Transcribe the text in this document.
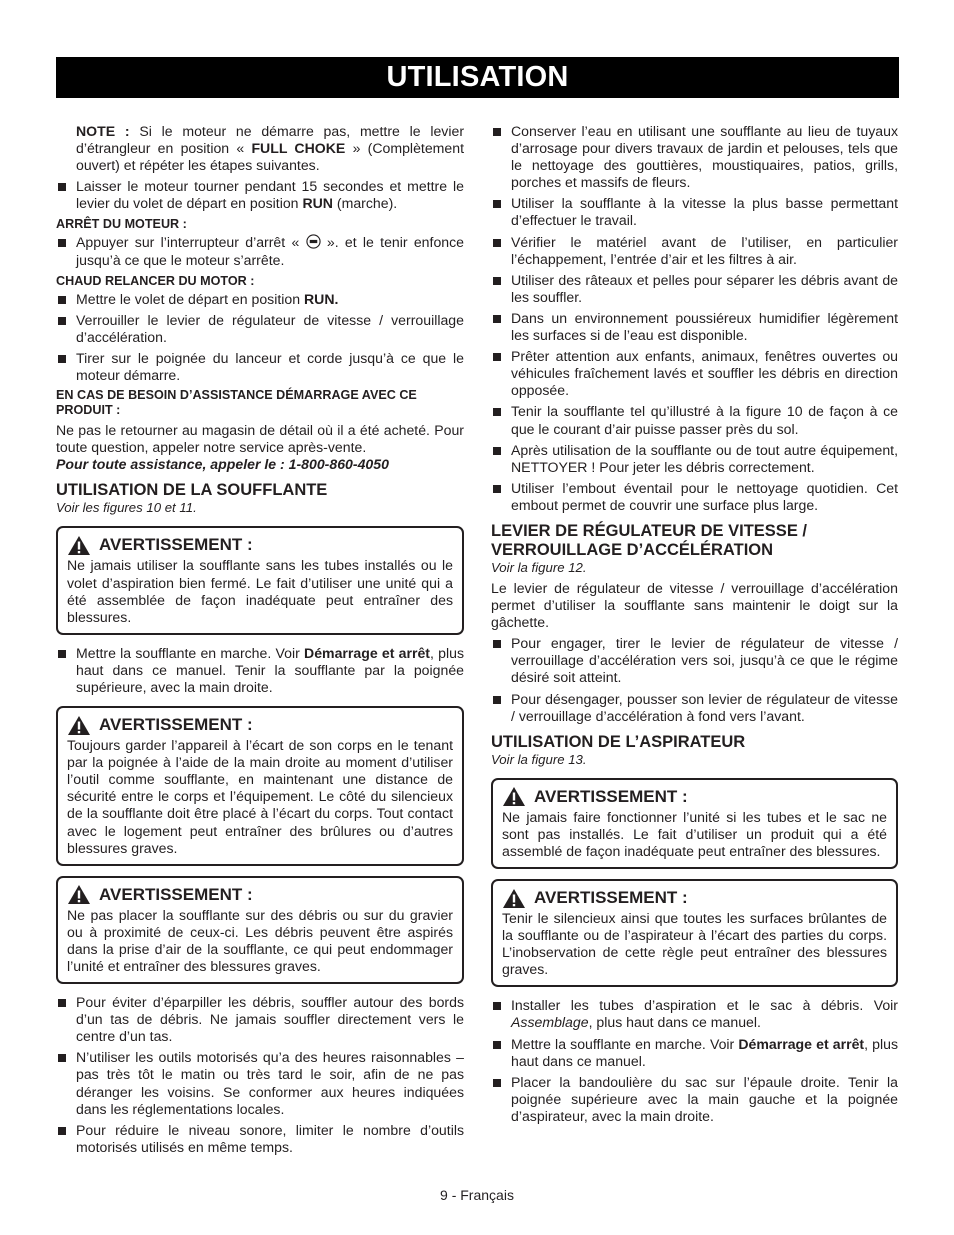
UTILISATION

NOTE : Si le moteur ne démarre pas, mettre le levier d’étrangleur en position « FULL CHOKE » (Complètement ouvert) et répéter les étapes suivantes.

Laisser le moteur tourner pendant 15 secondes et mettre le levier du volet de départ en position RUN (marche).
ARRÊT DU MOTEUR :
Appuyer sur l’interrupteur d’arrêt « ». et le tenir enfonce jusqu’à ce que le moteur s’arrête.
CHAUD RELANCER DU MOTOR :
Mettre le volet de départ en position RUN.
Verrouiller le levier de régulateur de vitesse / verrouillage d’accélération.
Tirer sur le poignée du lanceur et corde jusqu’à ce que le moteur démarre.
EN CAS DE BESOIN D’ASSISTANCE DÉMARRAGE AVEC CE PRODUIT :

Ne pas le retourner au magasin de détail où il a été acheté. Pour toute question, appeler notre service après-vente.

Pour toute assistance, appeler le : 1-800-860-4050

UTILISATION DE LA SOUFFLANTE
Voir les figures 10 et 11.
AVERTISSEMENT :

Ne jamais utiliser la soufflante sans les tubes installés ou le volet d’aspiration bien fermé. Le fait d’utiliser une unité qui a été assemblée de façon inadéquate peut entraîner des blessures.

Mettre la soufflante en marche. Voir Démarrage et arrêt, plus haut dans ce manuel. Tenir la soufflante par la poignée supérieure, avec la main droite.
AVERTISSEMENT :

Toujours garder l’appareil à l’écart de son corps en le tenant par la poignée à l’aide de la main droite au moment d’utiliser l’outil comme soufflante, en maintenant une distance de sécurité entre le corps et l’équipement. Le côté du silencieux de la soufflante doit être placé à l’écart du corps. Tout contact avec le logement peut entraîner des brûlures ou d’autres blessures graves.

AVERTISSEMENT :

Ne pas placer la soufflante sur des débris ou sur du gravier ou à proximité de ceux-ci. Les débris peuvent être aspirés dans la prise d’air de la soufflante, ce qui peut endommager l’unité et entraîner des blessures graves.

Pour éviter d’éparpiller les débris, souffler autour des bords d’un tas de débris. Ne jamais souffler directement vers le centre d’un tas.
N’utiliser les outils motorisés qu’a des heures raisonnables – pas très tôt le matin ou très tard le soir, afin de ne pas déranger les voisins. Se conformer aux heures indiquées dans les réglementations locales.
Pour réduire le niveau sonore, limiter le nombre d’outils motorisés utilisés en même temps.
Conserver l’eau en utilisant une soufflante au lieu de tuyaux d’arrosage pour divers travaux de jardin et pelouses, tels que le nettoyage des gouttières, moustiquaires, patios, grills, porches et massifs de fleurs.
Utiliser la soufflante à la vitesse la plus basse permettant d’effectuer le travail.
Vérifier le matériel avant de l’utiliser, en particulier l’échappement, l’entrée d’air et les filtres à air.
Utiliser des râteaux et pelles pour séparer les débris avant de les souffler.
Dans un environnement poussiéreux humidifier légèrement les surfaces si de l’eau est disponible.
Prêter attention aux enfants, animaux, fenêtres ouvertes ou véhicules fraîchement lavés et souffler les débris en direction opposée.
Tenir la soufflante tel qu’illustré à la figure 10 de façon à ce que le courant d’air puisse passer près du sol.
Après utilisation de la soufflante ou de tout autre équipement, NETTOYER ! Pour jeter les débris correctement.
Utiliser l’embout éventail pour le nettoyage quotidien. Cet embout permet de couvrir une surface plus large.
LEVIER DE RÉGULATEUR DE VITESSE / VERROUILLAGE D’ACCÉLÉRATION
Voir la figure 12.

Le levier de régulateur de vitesse / verrouillage d’accélération permet d’utiliser la soufflante sans maintenir le doigt sur la gâchette.

Pour engager, tirer le levier de régulateur de vitesse / verrouillage d’accélération vers soi, jusqu’à ce que le régime désiré soit atteint.
Pour désengager, pousser son levier de régulateur de vitesse / verrouillage d’accélération à fond vers l’avant.
UTILISATION DE L’ASPIRATEUR
Voir la figure 13.
AVERTISSEMENT :

Ne jamais faire fonctionner l’unité si les tubes et le sac ne sont pas installés. Le fait d’utiliser un produit qui a été assemblé de façon inadéquate peut entraîner des blessures.

AVERTISSEMENT :

Tenir le silencieux ainsi que toutes les surfaces brûlantes de la soufflante ou de l’aspirateur à l’écart des parties du corps. L’inobservation de cette règle peut entraîner des blessures graves.

Installer les tubes d’aspiration et le sac à débris. Voir Assemblage, plus haut dans ce manuel.
Mettre la soufflante en marche. Voir Démarrage et arrêt, plus haut dans ce manuel.
Placer la bandoulière du sac sur l’épaule droite. Tenir la poignée supérieure avec la main gauche et la poignée d’aspirateur, avec la main droite.
9 - Français
